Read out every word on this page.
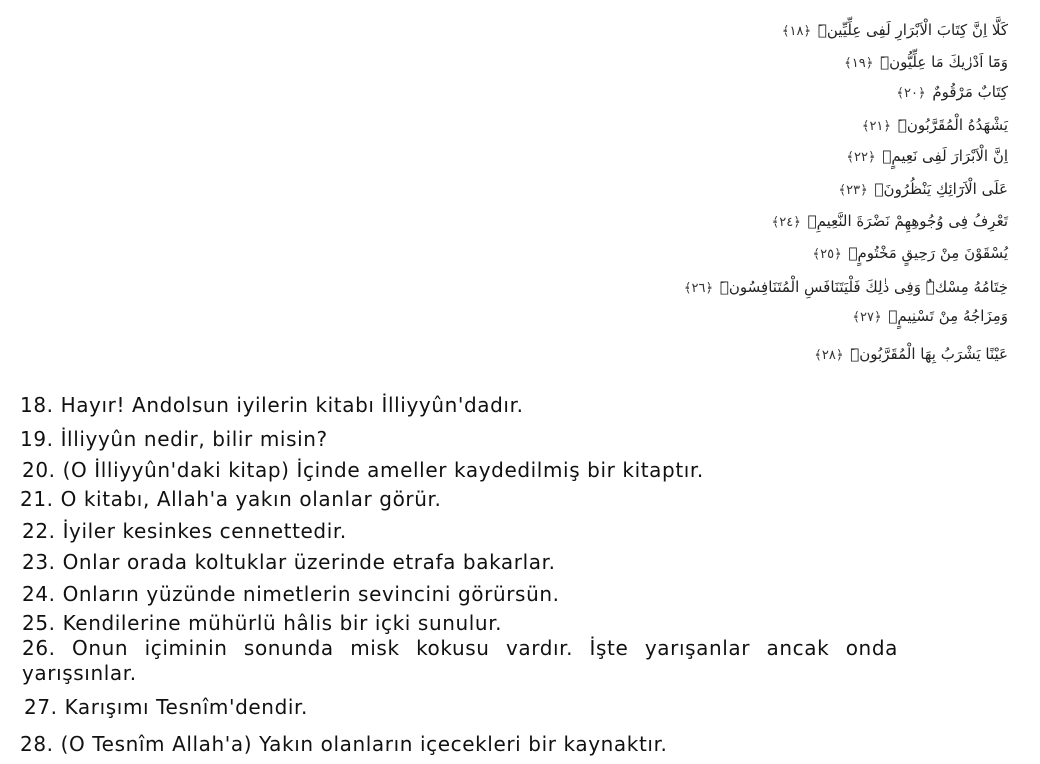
كَلَّا اِنَّ كِتَابَ الْاَبْرَارِ لَفِى عِلِّيِّينَۜ ﴿١٨﴾
وَمَٓا اَدْرٰيكَ مَا عِلِّيُّونَۜ ﴿١٩﴾
كِتَابٌ مَرْقُومٌ ﴿٢٠﴾
يَشْهَدُهُ الْمُقَرَّبُونَۜ ﴿٢١﴾
اِنَّ الْاَبْرَارَ لَفِى نَعِيمٍۙ ﴿٢٢﴾
عَلَى الْاَرَٓائِكِ يَنْظُرُونَۙ ﴿٢٣﴾
تَعْرِفُ فِى وُجُوهِهِمْ نَضْرَةَ النَّعِيمِۚ ﴿٢٤﴾
يُسْقَوْنَ مِنْ رَحِيقٍ مَخْتُومٍۙ ﴿٢٥﴾
خِتَامُهُ مِسْكٌۜ وَفِى ذٰلِكَ فَلْيَتَنَافَسِ الْمُتَنَافِسُونَۜ ﴿٢٦﴾
وَمِزَاجُهُ مِنْ تَسْنِيمٍۙ ﴿٢٧﴾
عَيْنًا يَشْرَبُ بِهَا الْمُقَرَّبُونَۜ ﴿٢٨﴾
18. Hayır! Andolsun iyilerin kitabı İlliyyûn'dadır.
19. İlliyyûn nedir, bilir misin?
20. (O İlliyyûn'daki kitap) İçinde ameller kaydedilmiş bir kitaptır.
21. O kitabı, Allah'a yakın olanlar görür.
22. İyiler kesinkes cennettedir.
23. Onlar orada koltuklar üzerinde etrafa bakarlar.
24. Onların yüzünde nimetlerin sevincini görürsün.
25. Kendilerine mühürlü hâlis bir içki sunulur.
26. Onun içiminin sonunda misk kokusu vardır. İşte yarışanlar ancak onda yarışsınlar.
27. Karışımı Tesnîm'dendir.
28. (O Tesnîm Allah'a) Yakın olanların içecekleri bir kaynaktır.
